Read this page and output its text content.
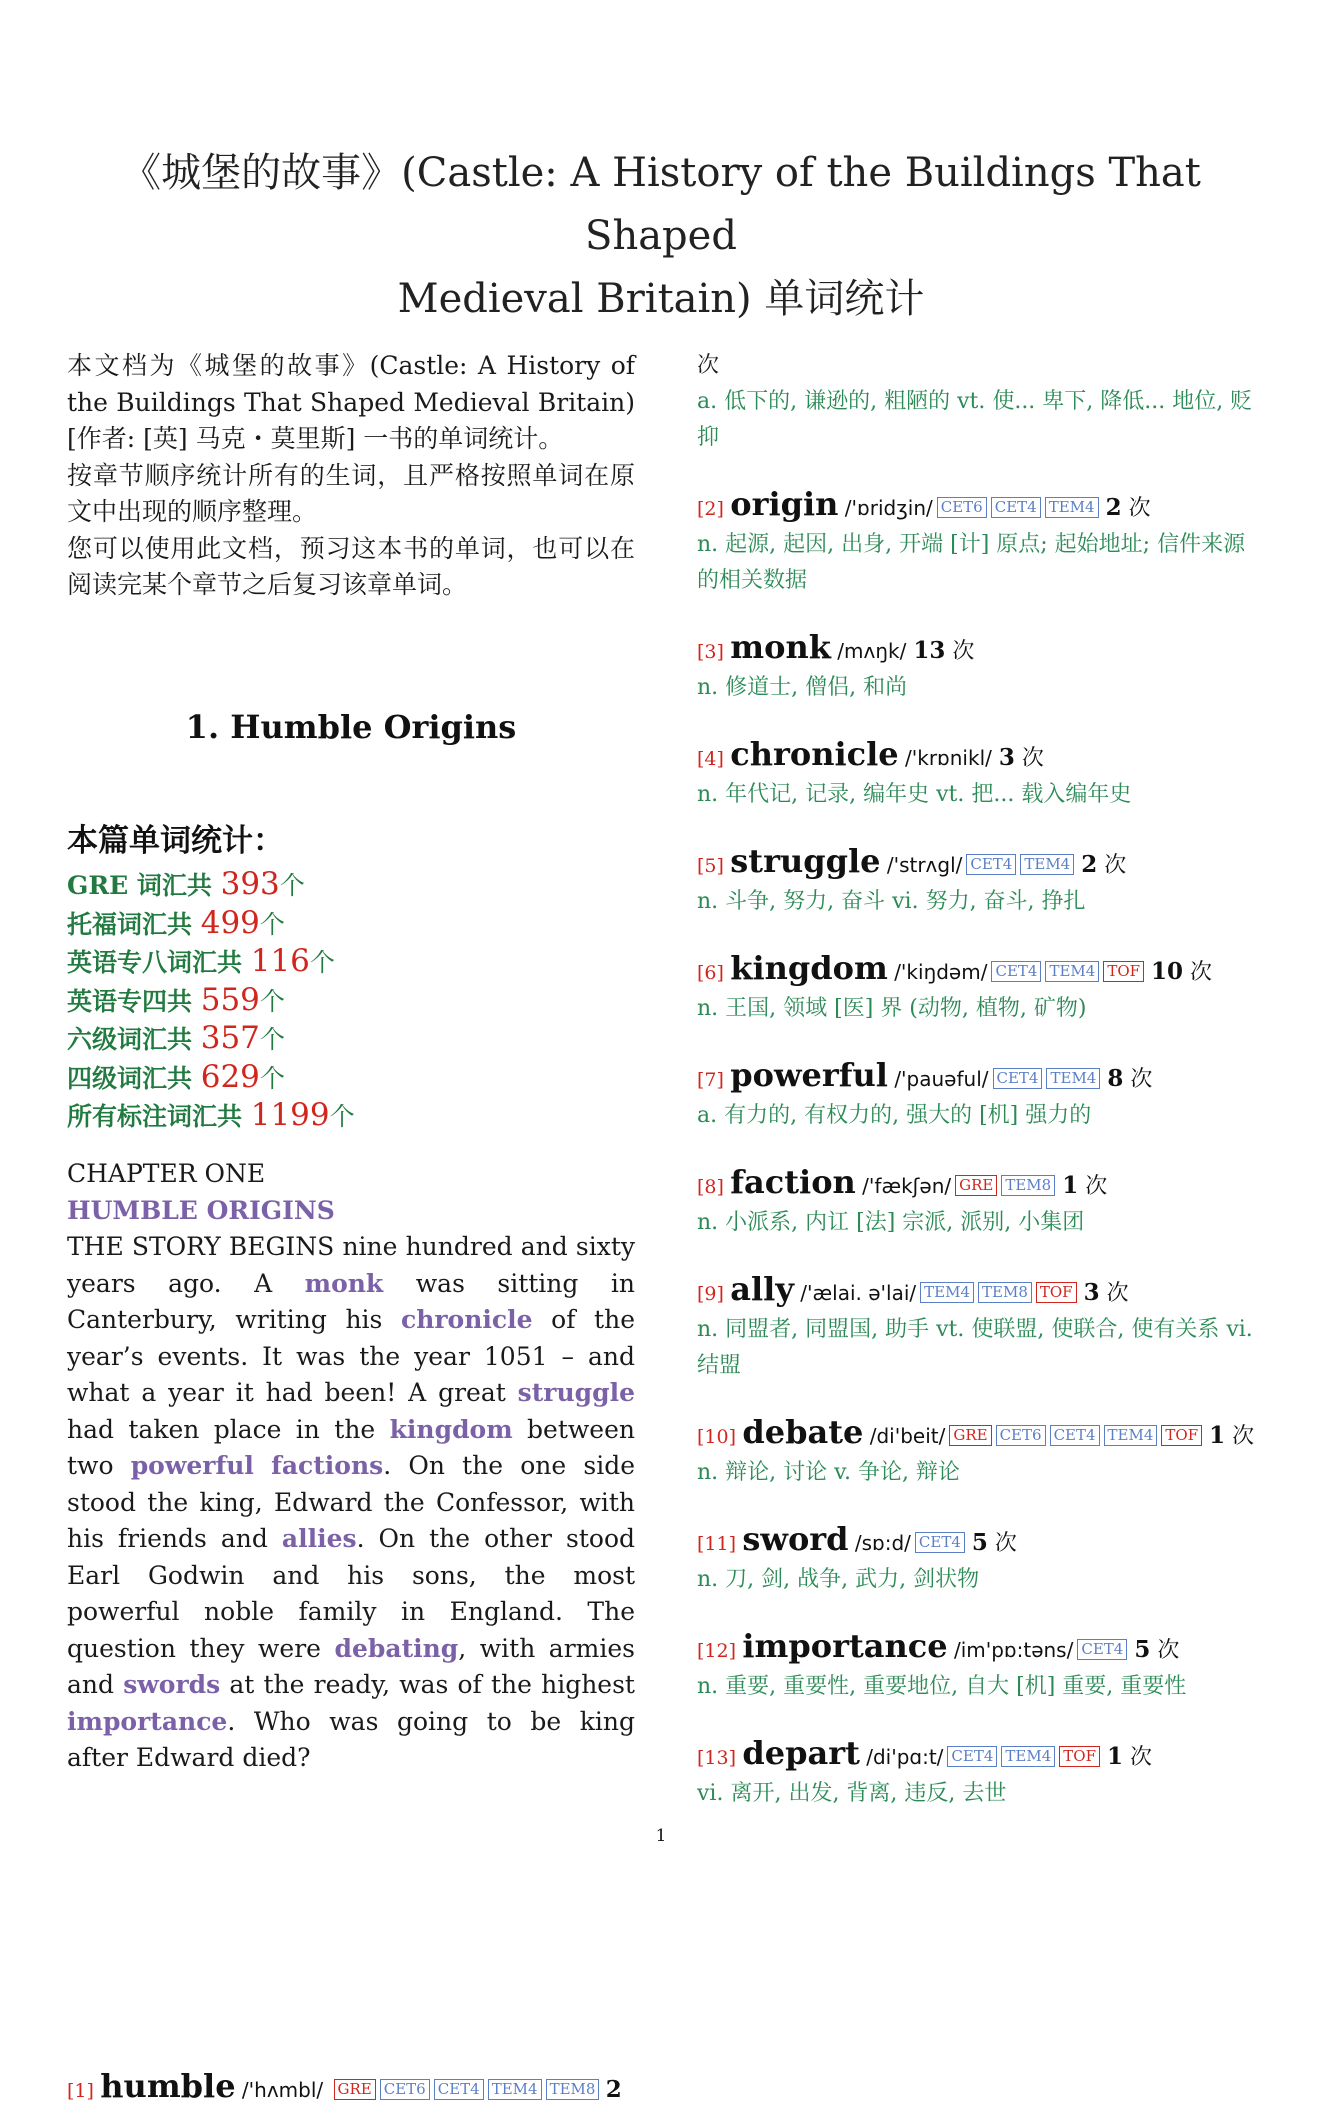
《城堡的故事》(Castle: A History of the Buildings That Shaped
Medieval Britain) 单词统计

本文档为《城堡的故事》(Castle: A History of the Buildings That Shaped Medieval Britain)[作者: [英] 马克・莫里斯] 一书的单词统计。

按章节顺序统计所有的生词，且严格按照单词在原文中出现的顺序整理。

您可以使用此文档，预习这本书的单词，也可以在阅读完某个章节之后复习该章单词。

1. Humble Origins
本篇单词统计：
GRE 词汇共 393个
托福词汇共 499个
英语专八词汇共 116个
英语专四共 559个
六级词汇共 357个
四级词汇共 629个
所有标注词汇共 1199个
CHAPTER ONE
HUMBLE ORIGINS

THE STORY BEGINS nine hundred and sixty years ago. A monk was sitting in Canterbury, writing his chronicle of the year’s events. It was the year 1051 – and what a year it had been! A great struggle had taken place in the kingdom between two powerful factions. On the one side stood the king, Edward the Confessor, with his friends and allies. On the other stood Earl Godwin and his sons, the most powerful noble family in England. The question they were debating, with armies and swords at the ready, was of the highest importance. Who was going to be king after Edward died?

[1] humble /'hʌmbl/ GRE CET6 CET4 TEM4 TEM8 2
次
a. 低下的, 谦逊的, 粗陋的 vt. 使... 卑下, 降低... 地位, 贬抑
[2] origin /'ɒridʒin/ CET6 CET4 TEM4 2 次
n. 起源, 起因, 出身, 开端 [计] 原点; 起始地址; 信件来源的相关数据
[3] monk /mʌŋk/ 13 次
n. 修道士, 僧侣, 和尚
[4] chronicle /'krɒnikl/ 3 次
n. 年代记, 记录, 编年史 vt. 把... 载入编年史
[5] struggle /'strʌgl/ CET4 TEM4 2 次
n. 斗争, 努力, 奋斗 vi. 努力, 奋斗, 挣扎
[6] kingdom /'kiŋdəm/ CET4 TEM4 TOF 10 次
n. 王国, 领域 [医] 界 (动物, 植物, 矿物)
[7] powerful /'pauəful/ CET4 TEM4 8 次
a. 有力的, 有权力的, 强大的 [机] 强力的
[8] faction /'fækʃən/ GRE TEM8 1 次
n. 小派系, 内讧 [法] 宗派, 派别, 小集团
[9] ally /'ælai. ə'lai/ TEM4 TEM8 TOF 3 次
n. 同盟者, 同盟国, 助手 vt. 使联盟, 使联合, 使有关系 vi. 结盟
[10] debate /di'beit/ GRE CET6 CET4 TEM4 TOF 1 次
n. 辩论, 讨论 v. 争论, 辩论
[11] sword /sɒ:d/ CET4 5 次
n. 刀, 剑, 战争, 武力, 剑状物
[12] importance /im'pɒ:təns/ CET4 5 次
n. 重要, 重要性, 重要地位, 自大 [机] 重要, 重要性
[13] depart /di'pɑ:t/ CET4 TEM4 TOF 1 次
vi. 离开, 出发, 背离, 违反, 去世
1
